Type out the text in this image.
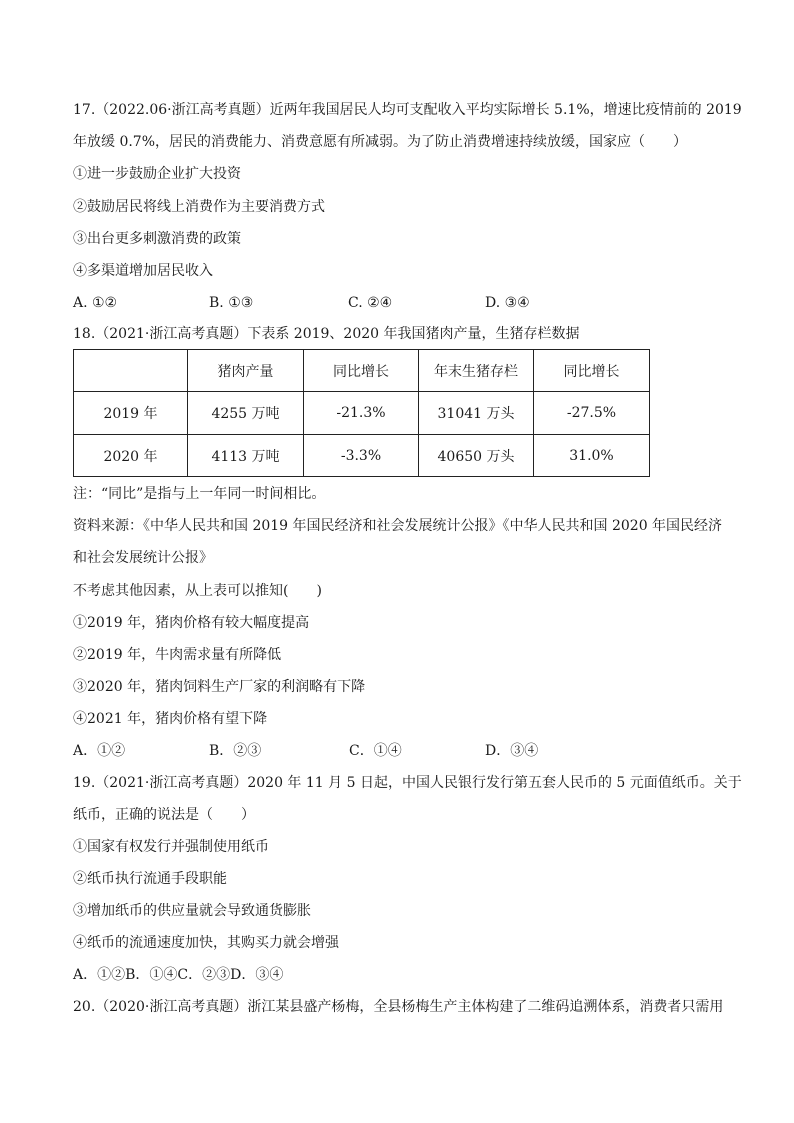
17.（2022.06·浙江高考真题）近两年我国居民人均可支配收入平均实际增长 5.1%，增速比疫情前的 2019
年放缓 0.7%，居民的消费能力、消费意愿有所减弱。为了防止消费增速持续放缓，国家应（　　）
①进一步鼓励企业扩大投资
②鼓励居民将线上消费作为主要消费方式
③出台更多刺激消费的政策
④多渠道增加居民收入
A. ①②	B. ①③	C. ②④	D. ③④
18.（2021·浙江高考真题）下表系 2019、2020 年我国猪肉产量，生猪存栏数据
	猪肉产量	同比增长	年末生猪存栏	同比增长
2019 年	4255 万吨	-21.3%	31041 万头	-27.5%
2020 年	4113 万吨	-3.3%	40650 万头	31.0%
注：“同比”是指与上一年同一时间相比。
资料来源：《中华人民共和国 2019 年国民经济和社会发展统计公报》《中华人民共和国 2020 年国民经济
和社会发展统计公报》
不考虑其他因素，从上表可以推知(　　)
①2019 年，猪肉价格有较大幅度提高
②2019 年，牛肉需求量有所降低
③2020 年，猪肉饲料生产厂家的利润略有下降
④2021 年，猪肉价格有望下降
A．①②	B．②③	C．①④	D．③④
19.（2021·浙江高考真题）2020 年 11 月 5 日起，中国人民银行发行第五套人民币的 5 元面值纸币。关于
纸币，正确的说法是（　　）
①国家有权发行并强制使用纸币
②纸币执行流通手段职能
③增加纸币的供应量就会导致通货膨胀
④纸币的流通速度加快，其购买力就会增强
A．①②B．①④C．②③D．③④
20.（2020·浙江高考真题）浙江某县盛产杨梅，全县杨梅生产主体构建了二维码追溯体系，消费者只需用
